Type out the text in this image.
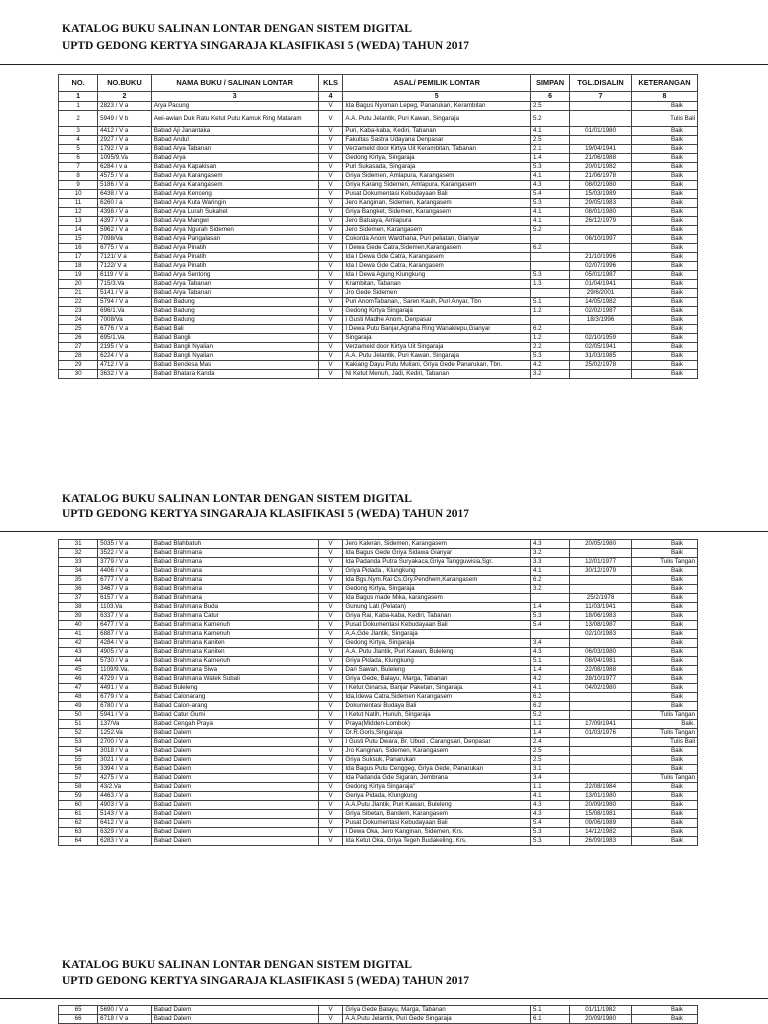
KATALOG BUKU SALINAN LONTAR DENGAN SISTEM DIGITAL
UPTD GEDONG KERTYA SINGARAJA KLASIFIKASI 5 (WEDA) TAHUN 2017
NO.	NO.BUKU	NAMA BUKU / SALINAN LONTAR	KLS	ASAL/ PEMILIK LONTAR	SIMPAN	TGL.DISALIN	KETERANGAN
1	2	3	4	5	6	7	8
1	2823 / V a	Arya Pacung	V	Ida Bagus Nyoman Lepeg, Panarukan, Kerambitan	2.5		Baik
2	5949 / V b	Awi-awian Duk Ratu Ketut Putu Kamuk Ring Mataram	V	A.A. Putu Jelantik, Puri Kawan, Singaraja	5.2		Tulis Bali
3	4412 / V a	Babad Aji Janantaka	V	Puri, Kaba-kaba, Kediri, Tabanan	4.1	01/01/1980	Baik
4	2927 / V a	Babad Andul	V	Fakultas Sastra Udayana Denpasar	2.5		Baik
5	1792 / V a	Babad Arya Tabanan	V	Verzameld door Kirtya Uit Kerambitan, Tabanan	2.1	19/04/1941	Baik
6	1095/9.Va	Babad Arya	V	Gedong Kirtya, Singaraja	1.4	21/06/1988	Baik
7	6284 / v a	Babad Arya Kapakisan	V	Puri Sukasada, Singaraja	5.3	20/01/1982	Baik
8	4575 / V a	Babad Arya Karangasem	V	Griya Sidemen, Amlapura, Karangasem	4.1	21/06/1978	Baik
9	5186 / V a	Babad Arya Karangasem	V	Griya Karang Sidemen, Amlapura, Karangasem	4.3	08/02/1980	Baik
10	6438 / V a	Babad Arya Kenceng	V	Pusat Dokumentasi Kebudayaan Bali	5.4	15/03/1989	Baik
11	6260 / a	Babad Arya Kuta Waringin	V	Jero Kanginan, Sidemen, Karangasem	5.3	29/05/1983	Baik
12	4398 / V a	Babad Arya Lurah Sukahet	V	Griya Bangket, Sidemen, Karangasem	4.1	08/01/1980	Baik
13	4397 / V a	Babad Arya Mangwi	V	Jero Batuaya, Amlapura	4.1	26/12/1979	Baik
14	5962 / V a	Babad Arya Ngurah Sidemen	V	Jero Sidemen, Karangasem	5.2		Baik
15	7098/Va	Babad Arya Pangalasan	V	Cokorda Anom Wardhana, Puri peliatan, Gianyar		06/10/1997	Baik
16	6775 / V a	Babad Arya Pinatih	V	I Dewa Gede Catra,Sidemen,Karangasem	6.2		Baik
17	7121/ V a	Babad Arya Pinatih	V	Ida I Dewa Gde Catra, Karangasem		21/10/1996	Baik
18	7122/ V a	Babad Arya Pinatih	V	Ida I Dewa Gde Catra, Karangasem		02/07/1996	Baik
19	6119 / V a	Babad Arya Sentong	V	Ida I Dewa Agung Klungkung	5.3	05/01/1987	Baik
20	715/3.Va	Babad Arya Tabanan	V	Krambitan, Tabanan	1.3	01/04/1941	Baik
21	5141 / V a	Babad Arya Tabanan	V	Jro Gede Sidemen		29/6/2001	Baik
22	5794 / V a	Babad Badung	V	Puri AnomTabanan,, Saren Kauh, Puri Anyar, Tbn	5.1	14/05/1982	Baik
23	696/1.Va	Babad Badung	V	Gedong Kirtya Singaraja	1.2	02/02/1987	Baik
24	7008/Va	Babad Badung	V	I Gusti Madhe Anom, Denpasar		18/3/1996	Baik
25	6776 / V a	Babad Bali	V	I Dewa Putu Banjar,Agraha Ring Wanaklepu,Gianyar	6.2		Baik
26	695/1.Va	Babad Bangli	V	Singaraja	1.2	02/10/1959	Baik
27	2195 / V a	Babad Bangli Nyalian	V	Verzameld door Kirtya Uit Singaraja	2.2	02/05/1941	Baik
28	6224 / V a	Babad Bangli Nyalian	V	A.A. Putu Jelantik, Puri Kawan, Singaraja	5.3	31/03/1985	Baik
29	4712 / V a	Babad Bendesa Mas	V	Kakiang Dayu Putu Muliani, Griya Gede Panarukan, Tbn.	4.2	25/02/1978	Baik
30	3632 / V a	Babad Bhatara Kanda	V	Ni Ketut Menuh, Jadi, Kediri, Tabanan	3.2		Baik
KATALOG BUKU SALINAN LONTAR DENGAN SISTEM DIGITAL
UPTD GEDONG KERTYA SINGARAJA KLASIFIKASI 5 (WEDA) TAHUN 2017
31	5035 / V a	Babad Blahbatuh	V	Jero Kaleran, Sidemen, Karangasem	4.3	20/05/1980	Baik
32	3522 / V a	Babad Brahmana	V	Ida Bagus Gede Griya Sidawa Gianyar	3.2		Baik
33	3779 / V a	Babad Brahmana	V	Ida Padanda Putra Suryakaca,Griya Tangguwisia,Sgr.	3.3	12/01/1977	Tulis Tangan
34	4406 / V a	Babad Brahmana	V	Griya Pidada , Klungkung	4.1	30/12/1979	Baik
35	6777 / V a	Babad Brahmana	V	Ida Bgs.Nym.Rai Cs,Gry.Pendhem,Karangasem	6.2		Baik
36	3467 / V a	Babad Brahmana	V	Gedong Kirtya, Singaraja	3.2		Baik
37	6157 / V a	Babad Brahmana	V	Ida Bagus made Mika, karangasem		25/2/1978	Baik
38	1103.Va	Babad Brahmana Buda	V	Gunung Lati (Pelatan)	1.4	11/03/1941	Baik
39	6337 / V a	Babad Brahmana Catur	V	Griya Rai, Kaba-kaba, Kediri, Tabanan	5.3	18/06/1983	Baik
40	6477 / V a	Babad Brahmana Kamenuh	V	Pusat Dokumentasi Kebudayaan Bali	5.4	13/08/1987	Baik
41	6887 / V a	Babad Brahmana Kamenuh	V	A.A.Gde Jlantik, Singaraja		02/10/1983	Baik
42	4284 / V a	Babad Brahmana Kaniten	V	Gedong Kirtya, Singaraja	3.4		Baik
43	4905 / V a	Babad Brahmana Kaniten	V	A.A. Putu Jlantik, Puri Kawan, Buleleng	4.3	06/03/1980	Baik
44	5730 / V a	Babad Brahmana Kamenuh	V	Griya Pidada, Klungkung	5.1	08/04/1981	Baik
45	1109/9.Va.	Babad Brahmana Siwa	V	Dari Sawan, Buleleng	1.4	22/08/1988	Baik
46	4729 / V a	Babad Brahmana Watek Subali	V	Griya Gede, Balayu, Marga, Tabanan	4.2	28/10/1977	Baik
47	4491 / V a	Babad Buleleng	V	I Ketut Ginarsa, Banjar Paketan, Singaraja.	4.1	04/02/1980	Baik
48	6779 / V a	Babad Calonarang	V	Ida,Idewa Catra,Sidemen Karangasem	6.2		Baik
49	6780 / V a	Babad Calon-arang	V	Dokumentasi Budaya Bali	6.2		Baik
50	5941 / V a	Babad Catur Gumi	V	I Ketut Natih, Hunuh, Singaraja	5.2		Tulis Tangan
51	137/Va	Babad Cengah Praya	V	Praya(Midden-Lombok)	1.1	17/09/1941	Baik.
52	1252.Va	Babad Dalem	V	Dr.R.Goris,Singaraja	1.4	01/03/1976	Tulis Tangan
53	2700 / V a	Babad Dalem	V	I Gusti Putu Dwara, Br. Ubud , Carangsari, Denpasar	2.4		Tulis Bali
54	3018 / V a	Babad Dalem	V	Jro Kanginan, Sidemen, Karangasem	2.5		Baik
55	3021 / V a	Babad Dalem	V	Griya Suksuk, Panarukan	2.5		Baik
56	3394 / V a	Babad Dalem	V	Ida Bagus Putu Cenggeg, Griya Gede, Panarukan	3.1		Baik
57	4275 / V a	Babad Dalem	V	Ida Padanda Gde Sigaran, Jembrana	3.4		Tulis Tangan
58	43/2.Va	Babad Dalem	V	Gedong Kirtya Singaraja"	1.1	22/08/1984	Baik
59	4463 / V a	Babad Dalem	V	Geriya Pidada, Klungkung	4.1	13/01/1980	Baik
60	4903 / V a	Babad Dalem	V	A.A.Putu Jlantik, Puri Kawan, Buleleng	4.3	20/09/1980	Baik
61	5143 / V a	Babad Dalem	V	Griya Sibetan, Bandem, Karangasem	4.3	15/08/1981	Baik
62	6412 / V a	Babad Dalem	V	Pusat Dokumentasi Kebudayaan Bali	5.4	09/06/1989	Baik
63	6329 / V a	Babad Dalem	V	I Dewa Oka, Jero Kanginan, Sidemen, Krs.	5.3	14/12/1982	Baik
64	6283 / V a	Babad Dalem	V	Ida Ketut Oka, Griya Tegeh Budakeling, Krs.	5.3	26/09/1983	Baik
KATALOG BUKU SALINAN LONTAR DENGAN SISTEM DIGITAL
UPTD GEDONG KERTYA SINGARAJA KLASIFIKASI 5 (WEDA) TAHUN 2017
65	5690 / V a	Babad Dalem	V	Griya Gede Balayu, Marga, Tabanan	5.1	01/11/1982	Baik
66	6718 / V a	Babad Dalem	V	A.A.Putu Jelantik, Puri Gede Singaraja	6.1	20/09/1980	Baik
